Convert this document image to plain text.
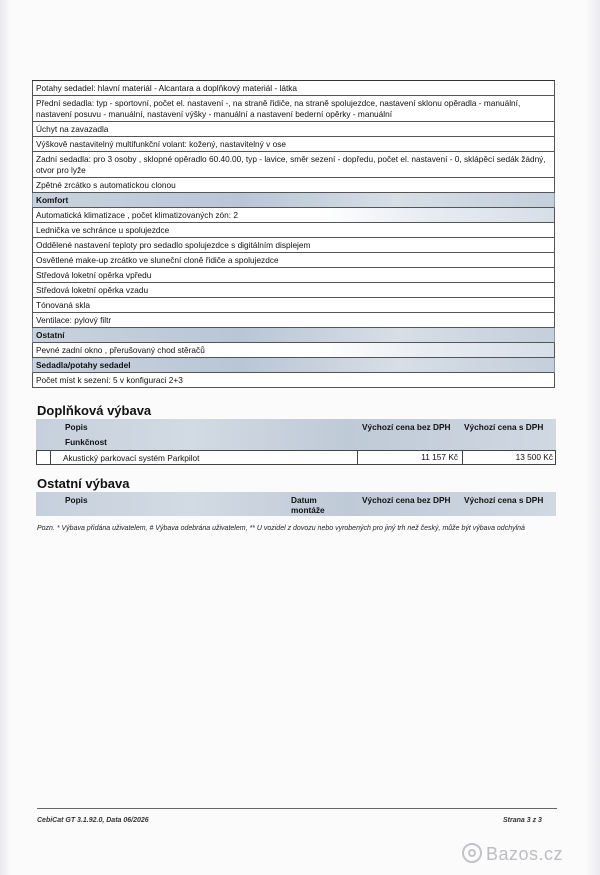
Potahy sedadel: hlavní materiál - Alcantara a doplňkový materiál - látka
Přední sedadla: typ - sportovní, počet el. nastavení -, na straně řidiče, na straně spolujezdce, nastavení sklonu opěradla - manuální, nastavení posuvu - manuální, nastavení výšky - manuální a nastavení bederní opěrky - manuální
Úchyt na zavazadla
Výškově nastavitelný multifunkční volant: kožený, nastavitelný v ose
Zadní sedadla: pro 3 osoby , sklopné opěradlo 60.40.00, typ - lavice, směr sezení - dopředu, počet el. nastavení - 0, sklápěcí sedák žádný, otvor pro lyže
Zpětné zrcátko s automatickou clonou
Komfort
Automatická klimatizace , počet klimatizovaných zón: 2
Lednička ve schránce u spolujezdce
Oddělené nastavení teploty pro sedadlo spolujezdce s digitálním displejem
Osvětlené make-up zrcátko ve sluneční cloně řidiče a spolujezdce
Středová loketní opěrka vpředu
Středová loketní opěrka vzadu
Tónovaná skla
Ventilace: pylový filtr
Ostatní
Pevné zadní okno , přerušovaný chod stěračů
Sedadla/potahy sedadel
Počet míst k sezení: 5 v konfiguraci 2+3
Doplňková výbava
Popis
Funkčnost
Výchozí cena bez DPH Výchozí cena s DPH
Akustický parkovací systém Parkpilot	11 157 Kč	13 500 Kč
Ostatní výbava
Popis	Datum
montáže
Výchozí cena bez DPH Výchozí cena s DPH
Pozn. * Výbava přidána uživatelem, # Výbava odebrána uživatelem, ** U vozidel z dovozu nebo vyrobených pro jiný trh než český, může být výbava odchylná
CebiCat GT 3.1.92.0, Data 06/2026	Strana 3 z 3
Bazos.cz
